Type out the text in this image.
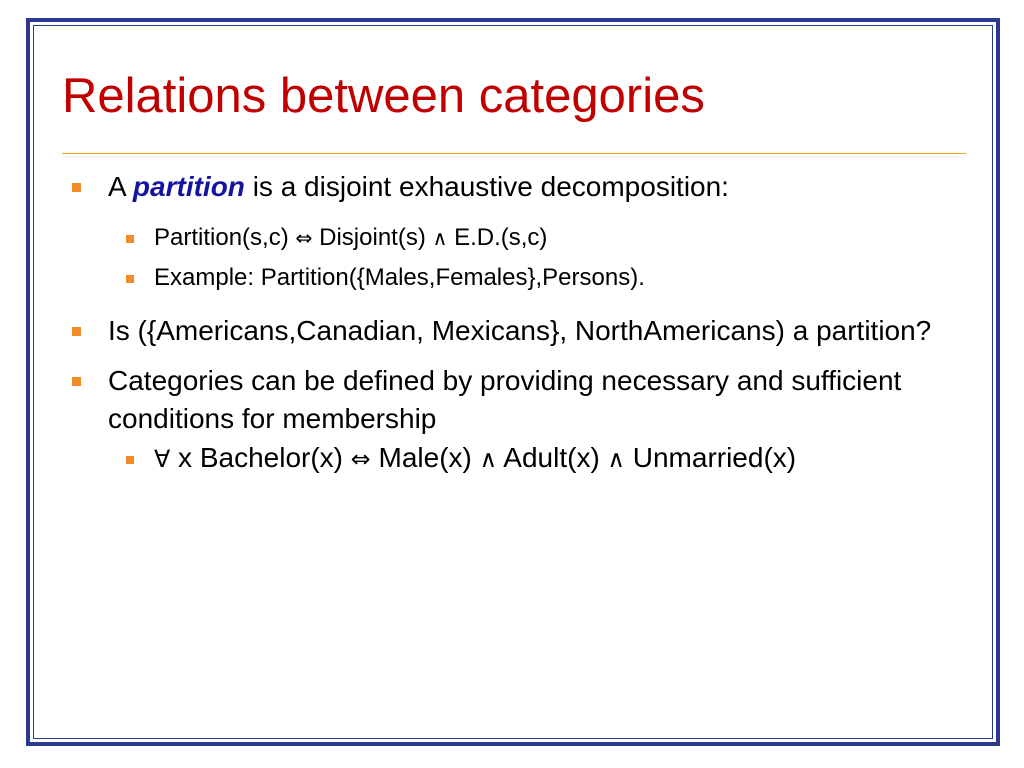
Relations between categories
A partition is a disjoint exhaustive decomposition:
Partition(s,c) ⇔ Disjoint(s) ∧ E.D.(s,c)
Example: Partition({Males,Females},Persons).
Is ({Americans,Canadian, Mexicans}, NorthAmericans) a partition?
Categories can be defined by providing necessary and sufficient conditions for membership
∀ x Bachelor(x) ⇔ Male(x) ∧ Adult(x) ∧ Unmarried(x)
